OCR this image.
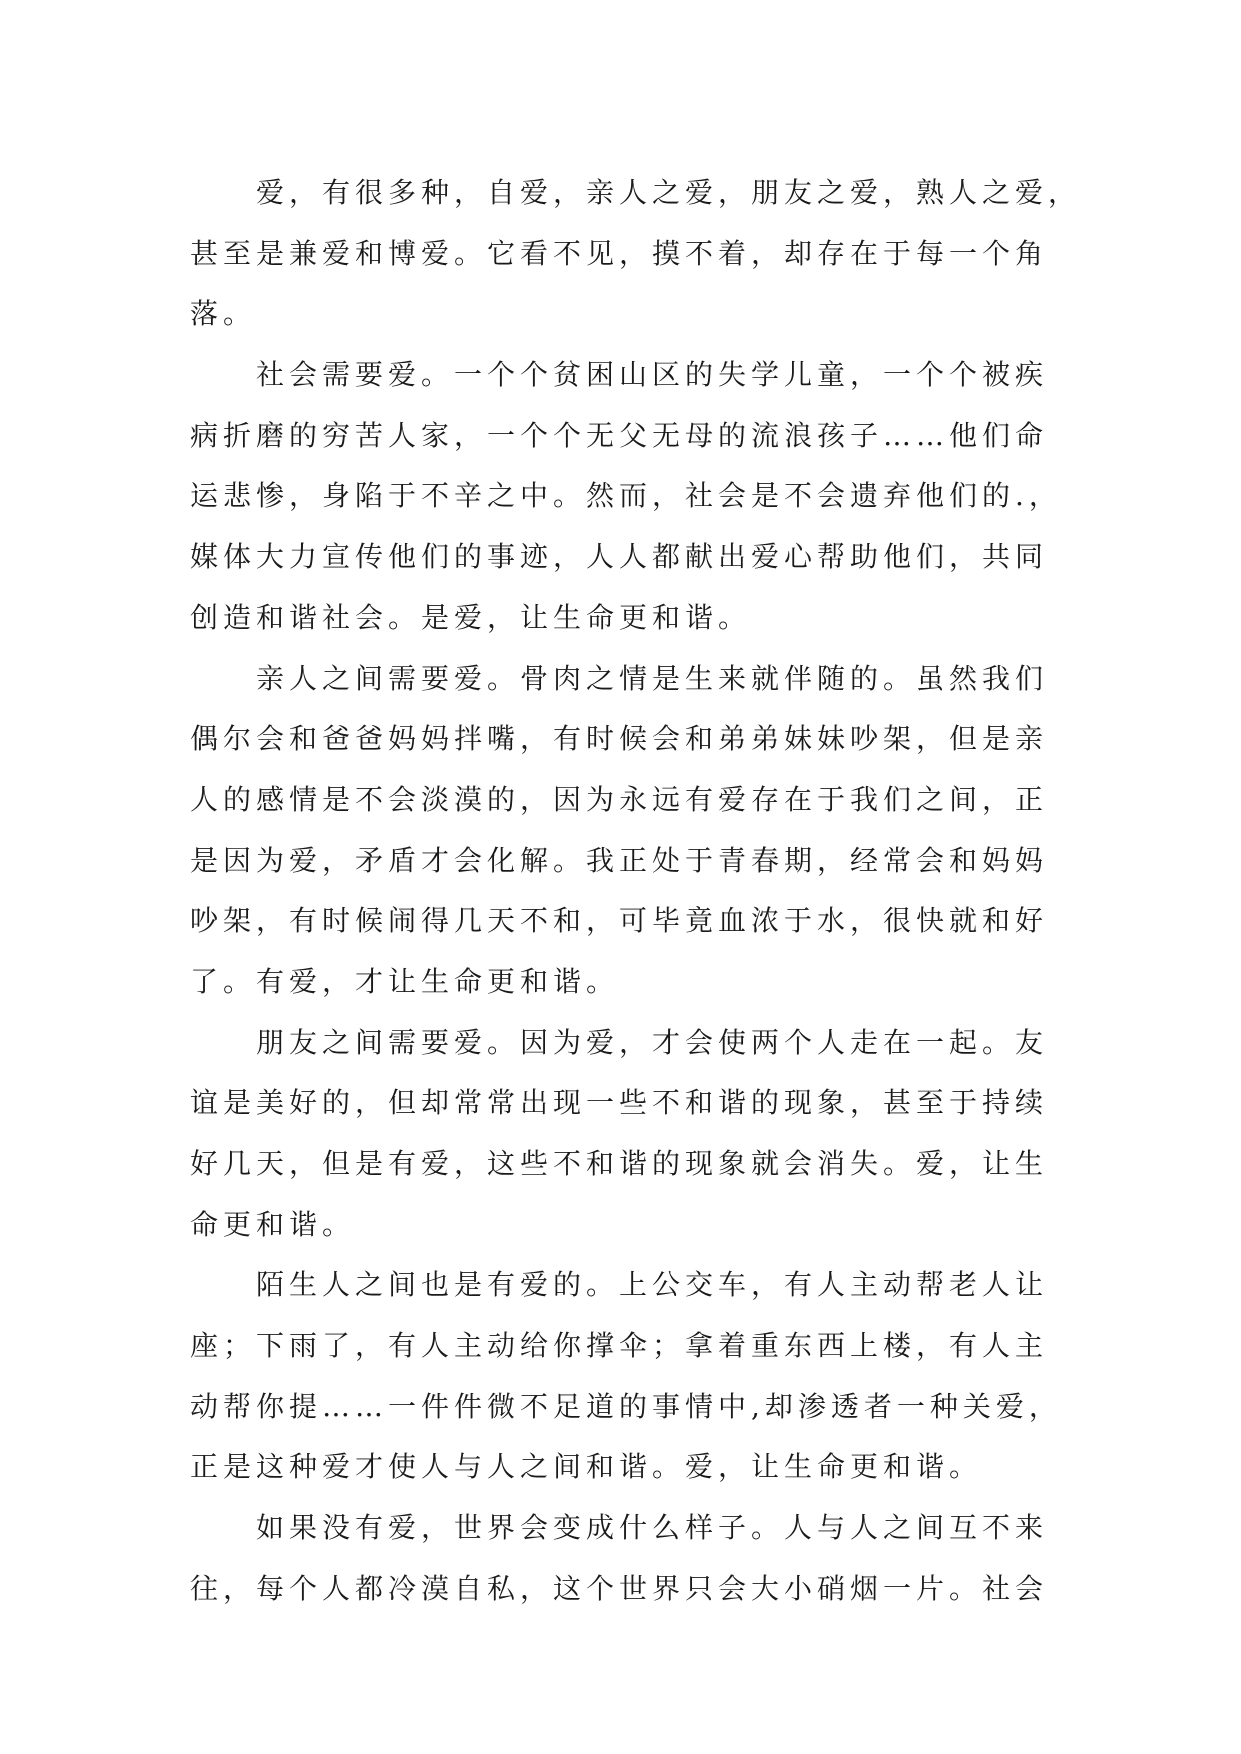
　　爱，有很多种，自爱，亲人之爱，朋友之爱，熟人之爱，
甚至是兼爱和博爱。它看不见，摸不着，却存在于每一个角
落。
　　社会需要爱。一个个贫困山区的失学儿童，一个个被疾
病折磨的穷苦人家，一个个无父无母的流浪孩子……他们命
运悲惨，身陷于不辛之中。然而，社会是不会遗弃他们的.，
媒体大力宣传他们的事迹，人人都献出爱心帮助他们，共同
创造和谐社会。是爱，让生命更和谐。
　　亲人之间需要爱。骨肉之情是生来就伴随的。虽然我们
偶尔会和爸爸妈妈拌嘴，有时候会和弟弟妹妹吵架，但是亲
人的感情是不会淡漠的，因为永远有爱存在于我们之间，正
是因为爱，矛盾才会化解。我正处于青春期，经常会和妈妈
吵架，有时候闹得几天不和，可毕竟血浓于水，很快就和好
了。有爱，才让生命更和谐。
　　朋友之间需要爱。因为爱，才会使两个人走在一起。友
谊是美好的，但却常常出现一些不和谐的现象，甚至于持续
好几天，但是有爱，这些不和谐的现象就会消失。爱，让生
命更和谐。
　　陌生人之间也是有爱的。上公交车，有人主动帮老人让
座；下雨了，有人主动给你撑伞；拿着重东西上楼，有人主
动帮你提……一件件微不足道的事情中,却渗透者一种关爱，
正是这种爱才使人与人之间和谐。爱，让生命更和谐。
　　如果没有爱，世界会变成什么样子。人与人之间互不来
往，每个人都冷漠自私，这个世界只会大小硝烟一片。社会
